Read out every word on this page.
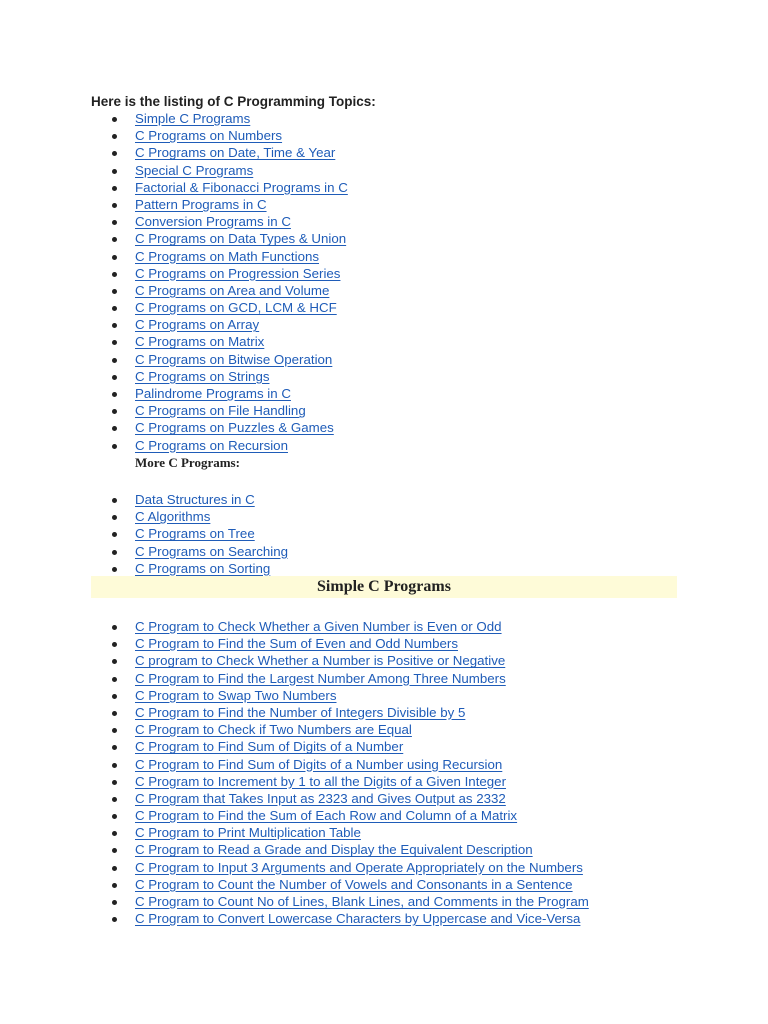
Here is the listing of C Programming Topics:
Simple C Programs
C Programs on Numbers
C Programs on Date, Time & Year
Special C Programs
Factorial & Fibonacci Programs in C
Pattern Programs in C
Conversion Programs in C
C Programs on Data Types & Union
C Programs on Math Functions
C Programs on Progression Series
C Programs on Area and Volume
C Programs on GCD, LCM & HCF
C Programs on Array
C Programs on Matrix
C Programs on Bitwise Operation
C Programs on Strings
Palindrome Programs in C
C Programs on File Handling
C Programs on Puzzles & Games
C Programs on Recursion
More C Programs:
Data Structures in C
C Algorithms
C Programs on Tree
C Programs on Searching
C Programs on Sorting
Simple C Programs
C Program to Check Whether a Given Number is Even or Odd
C Program to Find the Sum of Even and Odd Numbers
C program to Check Whether a Number is Positive or Negative
C Program to Find the Largest Number Among Three Numbers
C Program to Swap Two Numbers
C Program to Find the Number of Integers Divisible by 5
C Program to Check if Two Numbers are Equal
C Program to Find Sum of Digits of a Number
C Program to Find Sum of Digits of a Number using Recursion
C Program to Increment by 1 to all the Digits of a Given Integer
C Program that Takes Input as 2323 and Gives Output as 2332
C Program to Find the Sum of Each Row and Column of a Matrix
C Program to Print Multiplication Table
C Program to Read a Grade and Display the Equivalent Description
C Program to Input 3 Arguments and Operate Appropriately on the Numbers
C Program to Count the Number of Vowels and Consonants in a Sentence
C Program to Count No of Lines, Blank Lines, and Comments in the Program
C Program to Convert Lowercase Characters by Uppercase and Vice-Versa
